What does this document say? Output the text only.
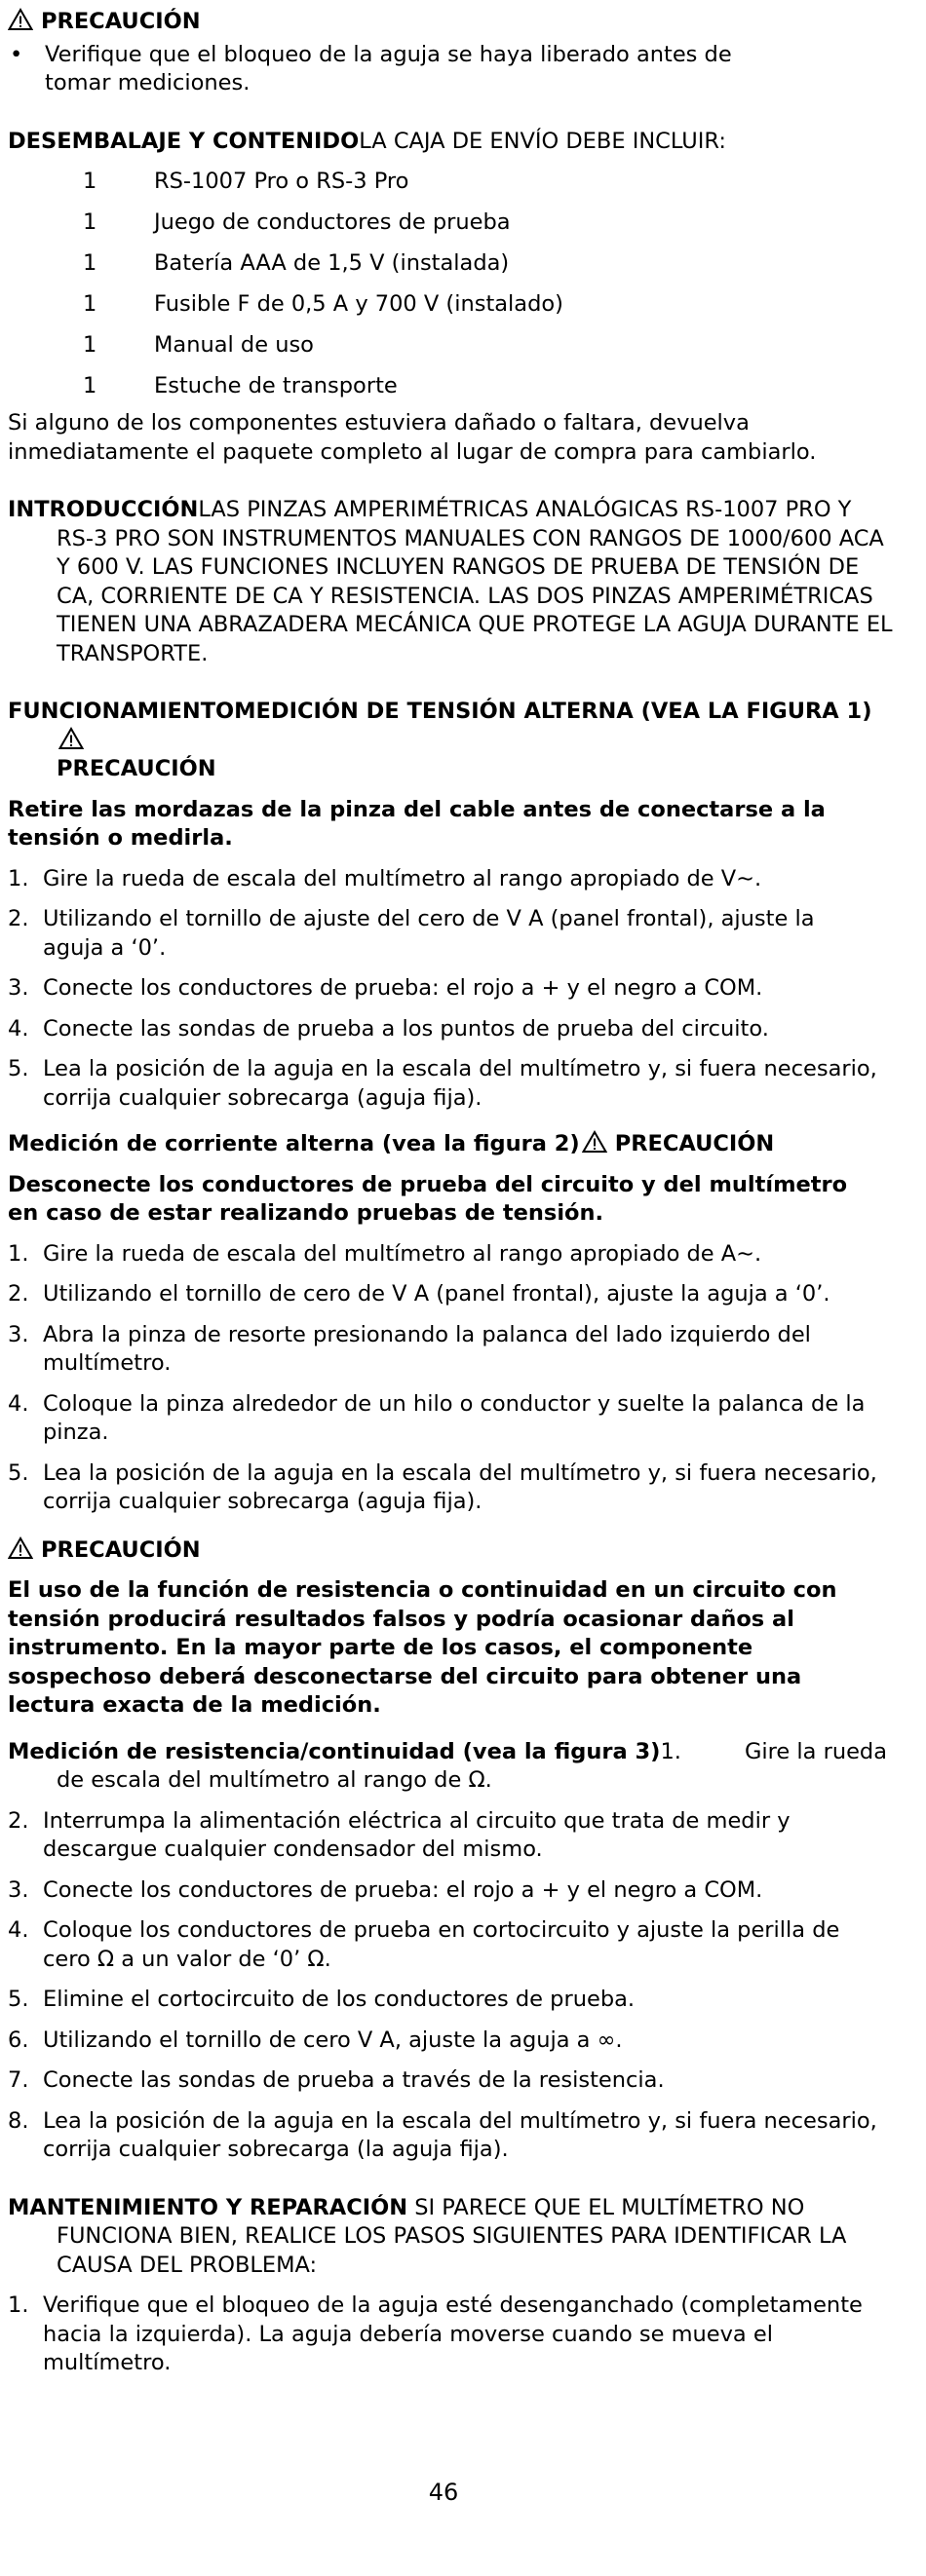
PRECAUCIÓN
•	Verifique que el bloqueo de la aguja se haya liberado antes de tomar mediciones.
DESEMBALAJE Y CONTENIDOLA CAJA DE ENVÍO DEBE INCLUIR:
1	RS-1007 Pro o RS-3 Pro
1	Juego de conductores de prueba
1	Batería AAA de 1,5 V (instalada)
1	Fusible F de 0,5 A y 700 V (instalado)
1	Manual de uso
1	Estuche de transporte
Si alguno de los componentes estuviera dañado o faltara, devuelva inmediatamente el paquete completo al lugar de compra para cambiarlo.
INTRODUCCIÓNLAS PINZAS AMPERIMÉTRICAS ANALÓGICAS RS-1007 PRO Y RS-3 PRO SON INSTRUMENTOS MANUALES CON RANGOS DE 1000/600 ACA Y 600 V. LAS FUNCIONES INCLUYEN RANGOS DE PRUEBA DE TENSIÓN DE CA, CORRIENTE DE CA Y RESISTENCIA. LAS DOS PINZAS AMPERIMÉTRICAS TIENEN UNA ABRAZADERA MECÁNICA QUE PROTEGE LA AGUJA DURANTE EL TRANSPORTE.
FUNCIONAMIENTOMEDICIÓN DE TENSIÓN ALTERNA (VEA LA FIGURA 1)

PRECAUCIÓN
Retire las mordazas de la pinza del cable antes de conectarse a la tensión o medirla.
1. Gire la rueda de escala del multímetro al rango apropiado de V∼.
2. Utilizando el tornillo de ajuste del cero de V A (panel frontal), ajuste la aguja a ‘0’.
3. Conecte los conductores de prueba: el rojo a + y el negro a COM.
4. Conecte las sondas de prueba a los puntos de prueba del circuito.
5. Lea la posición de la aguja en la escala del multímetro y, si fuera necesario, corrija cualquier sobrecarga (aguja fija).
Medición de corriente alterna (vea la figura 2) PRECAUCIÓN
Desconecte los conductores de prueba del circuito y del multímetro en caso de estar realizando pruebas de tensión.
1. Gire la rueda de escala del multímetro al rango apropiado de A∼.
2. Utilizando el tornillo de cero de V A (panel frontal), ajuste la aguja a ‘0’.
3. Abra la pinza de resorte presionando la palanca del lado izquierdo del multímetro.
4. Coloque la pinza alrededor de un hilo o conductor y suelte la palanca de la pinza.
5. Lea la posición de la aguja en la escala del multímetro y, si fuera necesario, corrija cualquier sobrecarga (aguja fija).
PRECAUCIÓN
El uso de la función de resistencia o continuidad en un circuito con tensión producirá resultados falsos y podría ocasionar daños al instrumento. En la mayor parte de los casos, el componente sospechoso deberá desconectarse del circuito para obtener una lectura exacta de la medición.
Medición de resistencia/continuidad (vea la figura 3) 1.	Gire la rueda
de escala del multímetro al rango de Ω.
2. Interrumpa la alimentación eléctrica al circuito que trata de medir y descargue cualquier condensador del mismo.
3. Conecte los conductores de prueba: el rojo a + y el negro a COM.
4. Coloque los conductores de prueba en cortocircuito y ajuste la perilla de cero Ω a un valor de ‘0’ Ω.
5. Elimine el cortocircuito de los conductores de prueba.
6. Utilizando el tornillo de cero V A, ajuste la aguja a ∞.
7. Conecte las sondas de prueba a través de la resistencia.
8. Lea la posición de la aguja en la escala del multímetro y, si fuera necesario, corrija cualquier sobrecarga (la aguja fija).
MANTENIMIENTO Y REPARACIÓN SI PARECE QUE EL MULTÍMETRO NO FUNCIONA BIEN, REALICE LOS PASOS SIGUIENTES PARA IDENTIFICAR LA CAUSA DEL PROBLEMA:
1. Verifique que el bloqueo de la aguja esté desenganchado (completamente hacia la izquierda). La aguja debería moverse cuando se mueva el multímetro.
46
